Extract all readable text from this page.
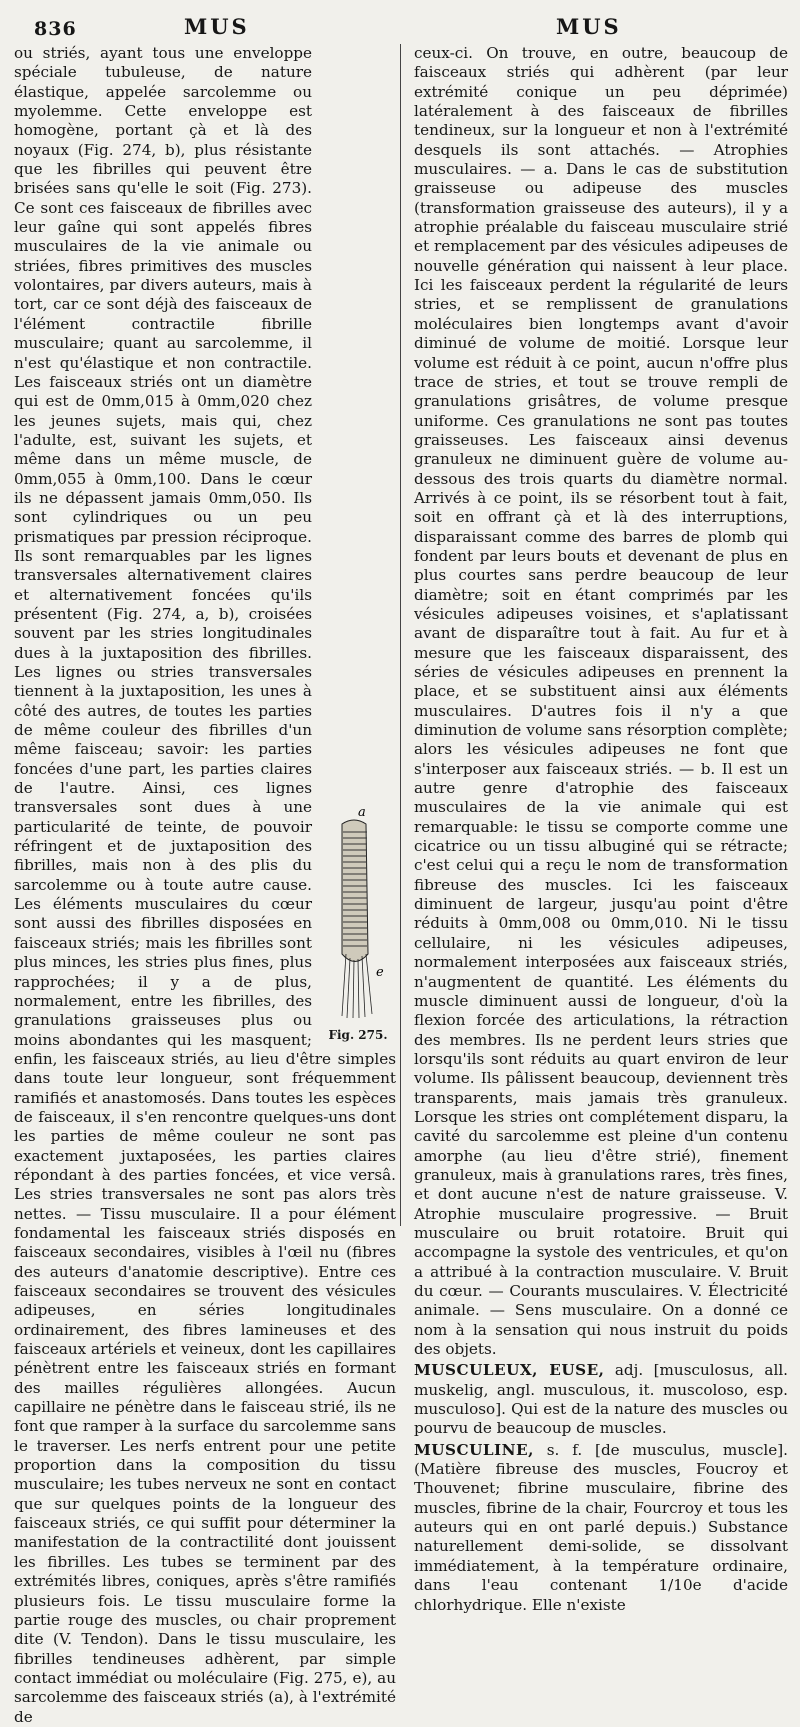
836	MUS	MUS

a
e
Fig. 275.
ou striés, ayant tous une enveloppe spéciale tubuleuse, de nature élastique, appelée sarcolemme ou myolemme. Cette enveloppe est homogène, portant çà et là des noyaux (Fig. 274, b), plus résistante que les fibrilles qui peuvent être brisées sans qu'elle le soit (Fig. 273). Ce sont ces faisceaux de fibrilles avec leur gaîne qui sont appelés fibres musculaires de la vie animale ou striées, fibres primitives des muscles volontaires, par divers auteurs, mais à tort, car ce sont déjà des faisceaux de l'élément contractile fibrille musculaire; quant au sarcolemme, il n'est qu'élastique et non contractile. Les faisceaux striés ont un diamètre qui est de 0mm,015 à 0mm,020 chez les jeunes sujets, mais qui, chez l'adulte, est, suivant les sujets, et même dans un même muscle, de 0mm,055 à 0mm,100. Dans le cœur ils ne dépassent jamais 0mm,050. Ils sont cylindriques ou un peu prismatiques par pression réciproque. Ils sont remarquables par les lignes transversales alternativement claires et alternativement foncées qu'ils présentent (Fig. 274, a, b), croisées souvent par les stries longitudinales dues à la juxtaposition des fibrilles. Les lignes ou stries transversales tiennent à la juxtaposition, les unes à côté des autres, de toutes les parties de même couleur des fibrilles d'un même faisceau; savoir: les parties foncées d'une part, les parties claires de l'autre. Ainsi, ces lignes transversales sont dues à une particularité de teinte, de pouvoir réfringent et de juxtaposition des fibrilles, mais non à des plis du sarcolemme ou à toute autre cause. Les éléments musculaires du cœur sont aussi des fibrilles disposées en faisceaux striés; mais les fibrilles sont plus minces, les stries plus fines, plus rapprochées; il y a de plus, normalement, entre les fibrilles, des granulations graisseuses plus ou moins abondantes qui les masquent; enfin, les faisceaux striés, au lieu d'être simples dans toute leur longueur, sont fréquemment ramifiés et anastomosés. Dans toutes les espèces de faisceaux, il s'en rencontre quelques-uns dont les parties de même couleur ne sont pas exactement juxtaposées, les parties claires répondant à des parties foncées, et vice versâ. Les stries transversales ne sont pas alors très nettes. — Tissu musculaire. Il a pour élément fondamental les faisceaux striés disposés en faisceaux secondaires, visibles à l'œil nu (fibres des auteurs d'anatomie descriptive). Entre ces faisceaux secondaires se trouvent des vésicules adipeuses, en séries longitudinales ordinairement, des fibres lamineuses et des faisceaux artériels et veineux, dont les capillaires pénètrent entre les faisceaux striés en formant des mailles régulières allongées. Aucun capillaire ne pénètre dans le faisceau strié, ils ne font que ramper à la surface du sarcolemme sans le traverser. Les nerfs entrent pour une petite proportion dans la composition du tissu musculaire; les tubes nerveux ne sont en contact que sur quelques points de la longueur des faisceaux striés, ce qui suffit pour déterminer la manifestation de la contractilité dont jouissent les fibrilles. Les tubes se terminent par des extrémités libres, coniques, après s'être ramifiés plusieurs fois. Le tissu musculaire forme la partie rouge des muscles, ou chair proprement dite (V. Tendon). Dans le tissu musculaire, les fibrilles tendineuses adhèrent, par simple contact immédiat ou moléculaire (Fig. 275, e), au sarcolemme des faisceaux striés (a), à l'extrémité de

ceux-ci. On trouve, en outre, beaucoup de faisceaux striés qui adhèrent (par leur extrémité conique un peu déprimée) latéralement à des faisceaux de fibrilles tendineux, sur la longueur et non à l'extrémité desquels ils sont attachés. — Atrophies musculaires. — a. Dans le cas de substitution graisseuse ou adipeuse des muscles (transformation graisseuse des auteurs), il y a atrophie préalable du faisceau musculaire strié et remplacement par des vésicules adipeuses de nouvelle génération qui naissent à leur place. Ici les faisceaux perdent la régularité de leurs stries, et se remplissent de granulations moléculaires bien longtemps avant d'avoir diminué de volume de moitié. Lorsque leur volume est réduit à ce point, aucun n'offre plus trace de stries, et tout se trouve rempli de granulations grisâtres, de volume presque uniforme. Ces granulations ne sont pas toutes graisseuses. Les faisceaux ainsi devenus granuleux ne diminuent guère de volume au-dessous des trois quarts du diamètre normal. Arrivés à ce point, ils se résorbent tout à fait, soit en offrant çà et là des interruptions, disparaissant comme des barres de plomb qui fondent par leurs bouts et devenant de plus en plus courtes sans perdre beaucoup de leur diamètre; soit en étant comprimés par les vésicules adipeuses voisines, et s'aplatissant avant de disparaître tout à fait. Au fur et à mesure que les faisceaux disparaissent, des séries de vésicules adipeuses en prennent la place, et se substituent ainsi aux éléments musculaires. D'autres fois il n'y a que diminution de volume sans résorption complète; alors les vésicules adipeuses ne font que s'interposer aux faisceaux striés. — b. Il est un autre genre d'atrophie des faisceaux musculaires de la vie animale qui est remarquable: le tissu se comporte comme une cicatrice ou un tissu albuginé qui se rétracte; c'est celui qui a reçu le nom de transformation fibreuse des muscles. Ici les faisceaux diminuent de largeur, jusqu'au point d'être réduits à 0mm,008 ou 0mm,010. Ni le tissu cellulaire, ni les vésicules adipeuses, normalement interposées aux faisceaux striés, n'augmentent de quantité. Les éléments du muscle diminuent aussi de longueur, d'où la flexion forcée des articulations, la rétraction des membres. Ils ne perdent leurs stries que lorsqu'ils sont réduits au quart environ de leur volume. Ils pâlissent beaucoup, deviennent très transparents, mais jamais très granuleux. Lorsque les stries ont complétement disparu, la cavité du sarcolemme est pleine d'un contenu amorphe (au lieu d'être strié), finement granuleux, mais à granulations rares, très fines, et dont aucune n'est de nature graisseuse. V. Atrophie musculaire progressive. — Bruit musculaire ou bruit rotatoire. Bruit qui accompagne la systole des ventricules, et qu'on a attribué à la contraction musculaire. V. Bruit du cœur. — Courants musculaires. V. Électricité animale. — Sens musculaire. On a donné ce nom à la sensation qui nous instruit du poids des objets.

MUSCULEUX, EUSE, adj. [musculosus, all. muskelig, angl. musculous, it. muscoloso, esp. musculoso]. Qui est de la nature des muscles ou pourvu de beaucoup de muscles.

MUSCULINE, s. f. [de musculus, muscle]. (Matière fibreuse des muscles, Foucroy et Thouvenet; fibrine musculaire, fibrine des muscles, fibrine de la chair, Fourcroy et tous les auteurs qui en ont parlé depuis.) Substance naturellement demi-solide, se dissolvant immédiatement, à la température ordinaire, dans l'eau contenant 1/10e d'acide chlorhydrique. Elle n'existe
